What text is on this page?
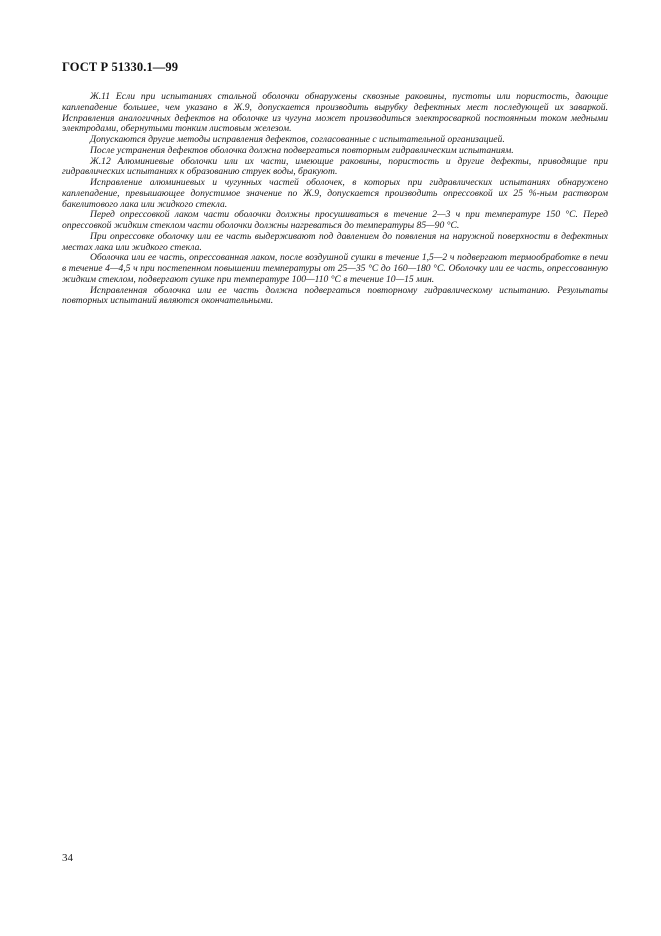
ГОСТ Р 51330.1—99

Ж.11 Если при испытаниях стальной оболочки обнаружены сквозные раковины, пустоты или пористость, дающие каплепадение большее, чем указано в Ж.9, допускается производить вырубку дефектных мест последующей их заваркой. Исправления аналогичных дефектов на оболочке из чугуна может производиться электросваркой постоянным током медными электродами, обернутыми тонким листовым железом.

Допускаются другие методы исправления дефектов, согласованные с испытательной организацией.

После устранения дефектов оболочка должна подвергаться повторным гидравлическим испытаниям.

Ж.12 Алюминиевые оболочки или их части, имеющие раковины, пористость и другие дефекты, приводящие при гидравлических испытаниях к образованию струек воды, бракуют.

Исправление алюминиевых и чугунных частей оболочек, в которых при гидравлических испытаниях обнаружено каплепадение, превышающее допустимое значение по Ж.9, допускается производить опрессовкой их 25 %-ным раствором бакелитового лака или жидкого стекла.

Перед опрессовкой лаком части оболочки должны просушиваться в течение 2—3 ч при температуре 150 °С. Перед опрессовкой жидким стеклом части оболочки должны нагреваться до температуры 85—90 °С.

При опрессовке оболочку или ее часть выдерживают под давлением до появления на наружной поверхности в дефектных местах лака или жидкого стекла.

Оболочка или ее часть, опрессованная лаком, после воздушной сушки в течение 1,5—2 ч подвергают термообработке в печи в течение 4—4,5 ч при постепенном повышении температуры от 25—35 °С до 160—180 °С. Оболочку или ее часть, опрессованную жидким стеклом, подвергают сушке при температуре 100—110 °С в течение 10—15 мин.

Исправленная оболочка или ее часть должна подвергаться повторному гидравлическому испытанию. Результаты повторных испытаний являются окончательными.

34
